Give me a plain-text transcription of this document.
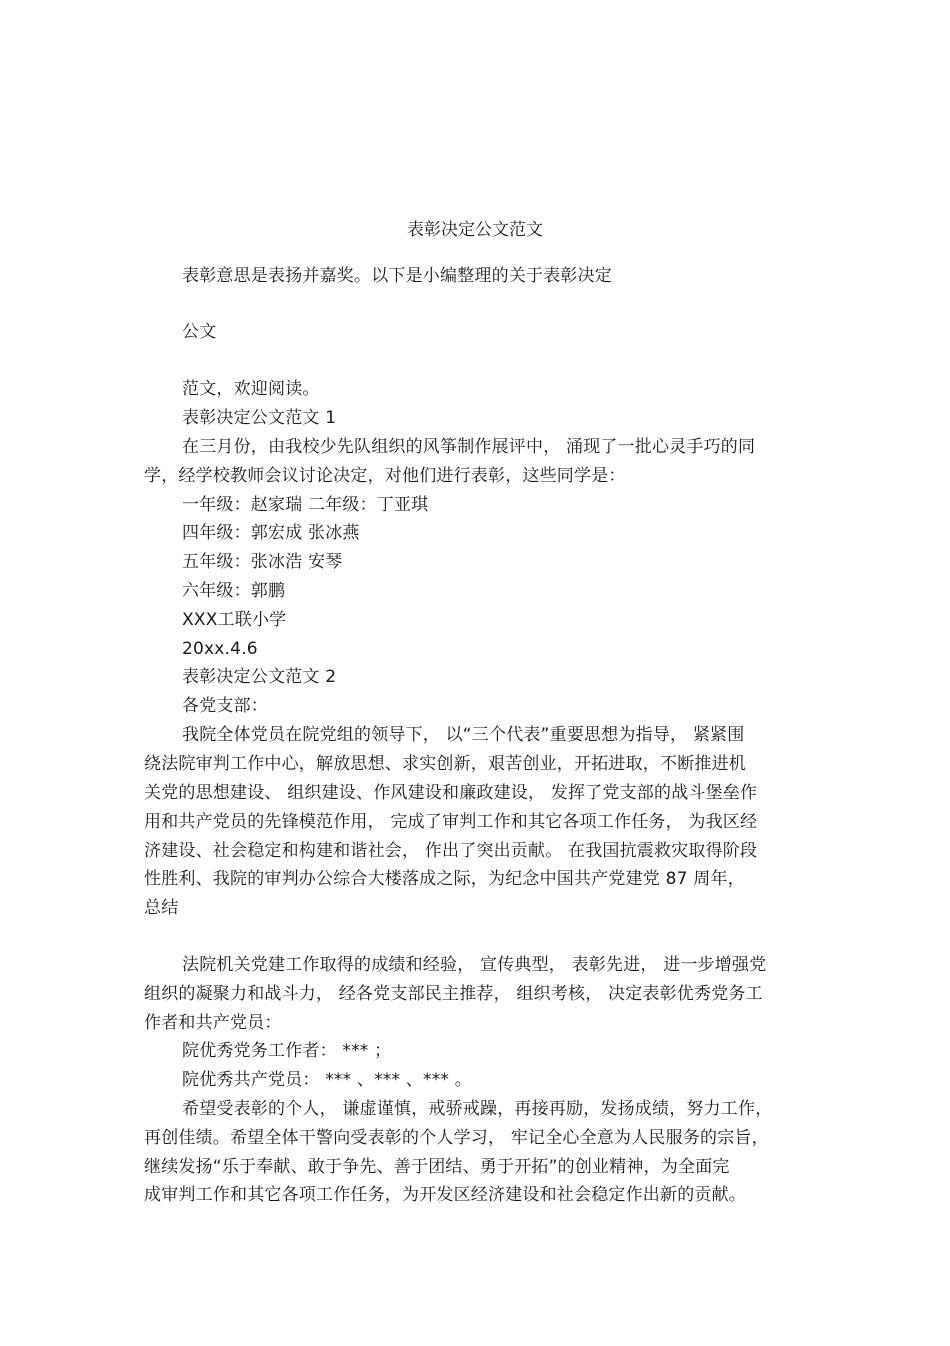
表彰决定公文范文
表彰意思是表扬并嘉奖。以下是小编整理的关于表彰决定
公文
范文，欢迎阅读。
表彰决定公文范文 1
在三月份，由我校少先队组织的风筝制作展评中， 涌现了一批心灵手巧的同
学，经学校教师会议讨论决定，对他们进行表彰，这些同学是：
一年级：赵家瑞 二年级：丁亚琪
四年级：郭宏成 张冰燕
五年级：张冰浩 安琴
六年级：郭鹏
XXX工联小学
20xx.4.6
表彰决定公文范文 2
各党支部：
我院全体党员在院党组的领导下， 以“三个代表”重要思想为指导， 紧紧围
绕法院审判工作中心，解放思想、求实创新，艰苦创业，开拓进取，不断推进机
关党的思想建设、 组织建设、作风建设和廉政建设， 发挥了党支部的战斗堡垒作
用和共产党员的先锋模范作用， 完成了审判工作和其它各项工作任务， 为我区经
济建设、社会稳定和构建和谐社会， 作出了突出贡献。 在我国抗震救灾取得阶段
性胜利、我院的审判办公综合大楼落成之际，为纪念中国共产党建党 87 周年，
总结
法院机关党建工作取得的成绩和经验， 宣传典型， 表彰先进， 进一步增强党
组织的凝聚力和战斗力， 经各党支部民主推荐， 组织考核， 决定表彰优秀党务工
作者和共产党员：
院优秀党务工作者： *** ；
院优秀共产党员： *** 、*** 、*** 。
希望受表彰的个人， 谦虚谨慎，戒骄戒躁，再接再励，发扬成绩，努力工作，
再创佳绩。希望全体干警向受表彰的个人学习， 牢记全心全意为人民服务的宗旨，
继续发扬“乐于奉献、敢于争先、善于团结、勇于开拓”的创业精神，为全面完
成审判工作和其它各项工作任务，为开发区经济建设和社会稳定作出新的贡献。
